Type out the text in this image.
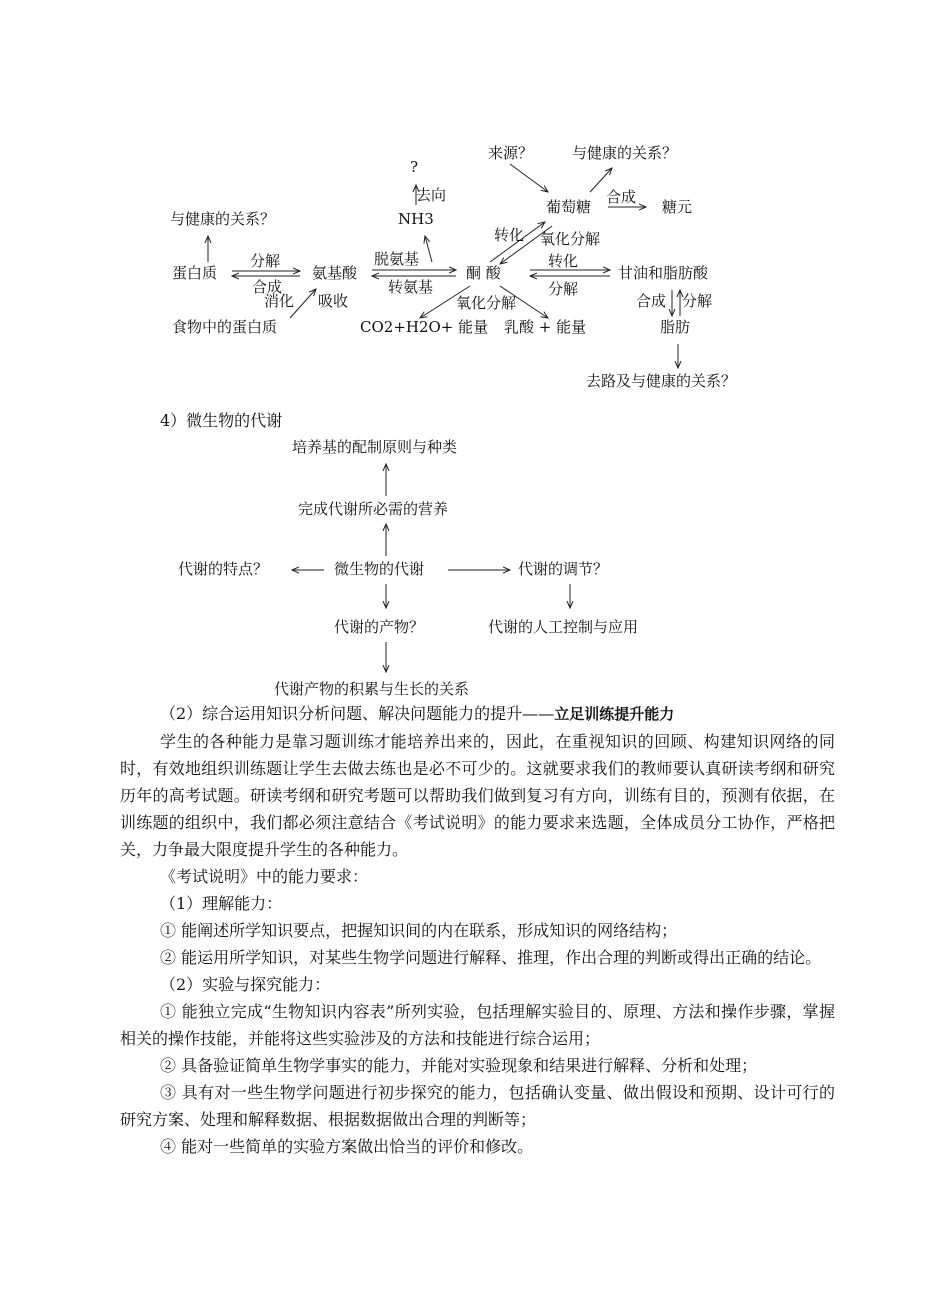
来源？	与健康的关系？
?
去向
NH3
葡萄糖
合成
糖元
与健康的关系？
转化 氧化分解
分解	脱氨基	转化
蛋白质	氨基酸	酮 酸	甘油和脂肪酸
合成	转氨基	分解
消化 吸收	氧化分解	合成 分解
食物中的蛋白质	CO2+H2O+ 能量 乳酸 + 能量	脂肪
去路及与健康的关系？
4）微生物的代谢
培养基的配制原则与种类
完成代谢所必需的营养
代谢的特点？	微生物的代谢	代谢的调节？
代谢的产物？	代谢的人工控制与应用
代谢产物的积累与生长的关系

（2）综合运用知识分析问题、解决问题能力的提升——立足训练提升能力

学生的各种能力是靠习题训练才能培养出来的，因此，在重视知识的回顾、构建知识网络的同时，有效地组织训练题让学生去做去练也是必不可少的。这就要求我们的教师要认真研读考纲和研究历年的高考试题。研读考纲和研究考题可以帮助我们做到复习有方向，训练有目的，预测有依据，在训练题的组织中，我们都必须注意结合《考试说明》的能力要求来选题，全体成员分工协作，严格把关，力争最大限度提升学生的各种能力。

《考试说明》中的能力要求：

（1）理解能力：

① 能阐述所学知识要点，把握知识间的内在联系，形成知识的网络结构；

② 能运用所学知识，对某些生物学问题进行解释、推理，作出合理的判断或得出正确的结论。

（2）实验与探究能力：

① 能独立完成“生物知识内容表”所列实验，包括理解实验目的、原理、方法和操作步骤，掌握相关的操作技能，并能将这些实验涉及的方法和技能进行综合运用；

② 具备验证简单生物学事实的能力，并能对实验现象和结果进行解释、分析和处理；

③ 具有对一些生物学问题进行初步探究的能力，包括确认变量、做出假设和预期、设计可行的研究方案、处理和解释数据、根据数据做出合理的判断等；

④ 能对一些简单的实验方案做出恰当的评价和修改。
